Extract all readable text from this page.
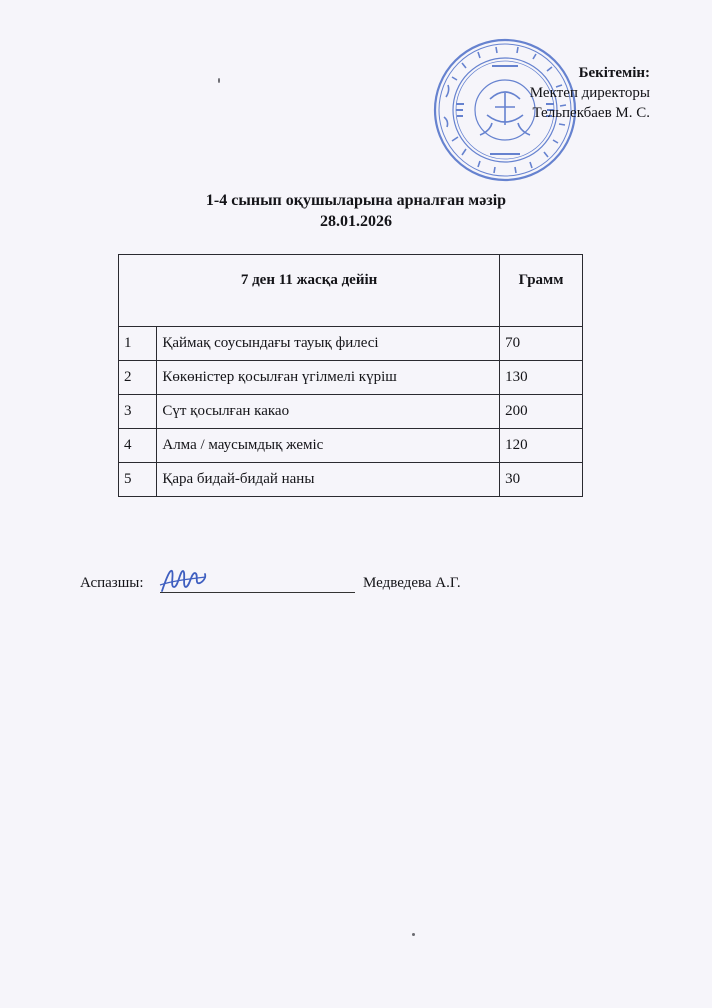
Бекітемін:
Мектеп директоры
Тельпекбаев М. С.
1-4 сынып оқушыларына арналған мәзір
28.01.2026
7 ден 11 жасқа дейін		Грамм
1	Қаймақ соусындағы тауық филесі	70
2	Көкөністер қосылған үгілмелі күріш	130
3	Сүт қосылған какао	200
4	Алма / маусымдық жеміс	120
5	Қара бидай-бидай наны	30
Аспазшы:	Медведева А.Г.
